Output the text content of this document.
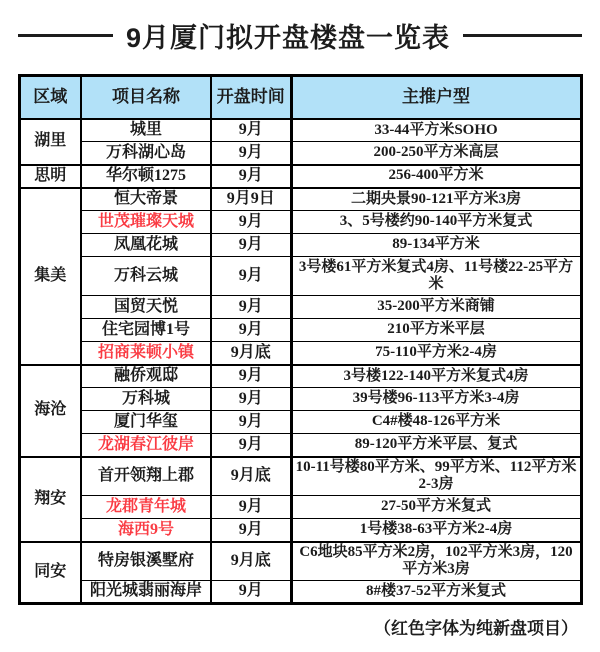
9月厦门拟开盘楼盘一览表
区域	项目名称	开盘时间	主推户型
湖里	城里	9月	33-44平方米SOHO
	万科湖心岛	9月	200-250平方米高层
思明	华尔顿1275	9月	256-400平方米
集美	恒大帝景	9月9日	二期央景90-121平方米3房
	世茂璀璨天城	9月	3、5号楼约90-140平方米复式
	凤凰花城	9月	89-134平方米
	万科云城	9月	3号楼61平方米复式4房、11号楼22-25平方米
	国贸天悦	9月	35-200平方米商铺
	住宅园博1号	9月	210平方米平层
	招商莱顿小镇	9月底	75-110平方米2-4房
海沧	融侨观邸	9月	3号楼122-140平方米复式4房
	万科城	9月	39号楼96-113平方米3-4房
	厦门华玺	9月	C4#楼48-126平方米
	龙湖春江彼岸	9月	89-120平方米平层、复式
翔安	首开领翔上郡	9月底	10-11号楼80平方米、99平方米、112平方米2-3房
	龙郡青年城	9月	27-50平方米复式
	海西9号	9月	1号楼38-63平方米2-4房
同安	特房银溪墅府	9月底	C6地块85平方米2房，102平方米3房，120平方米3房
	阳光城翡丽海岸	9月	8#楼37-52平方米复式
（红色字体为纯新盘项目）
